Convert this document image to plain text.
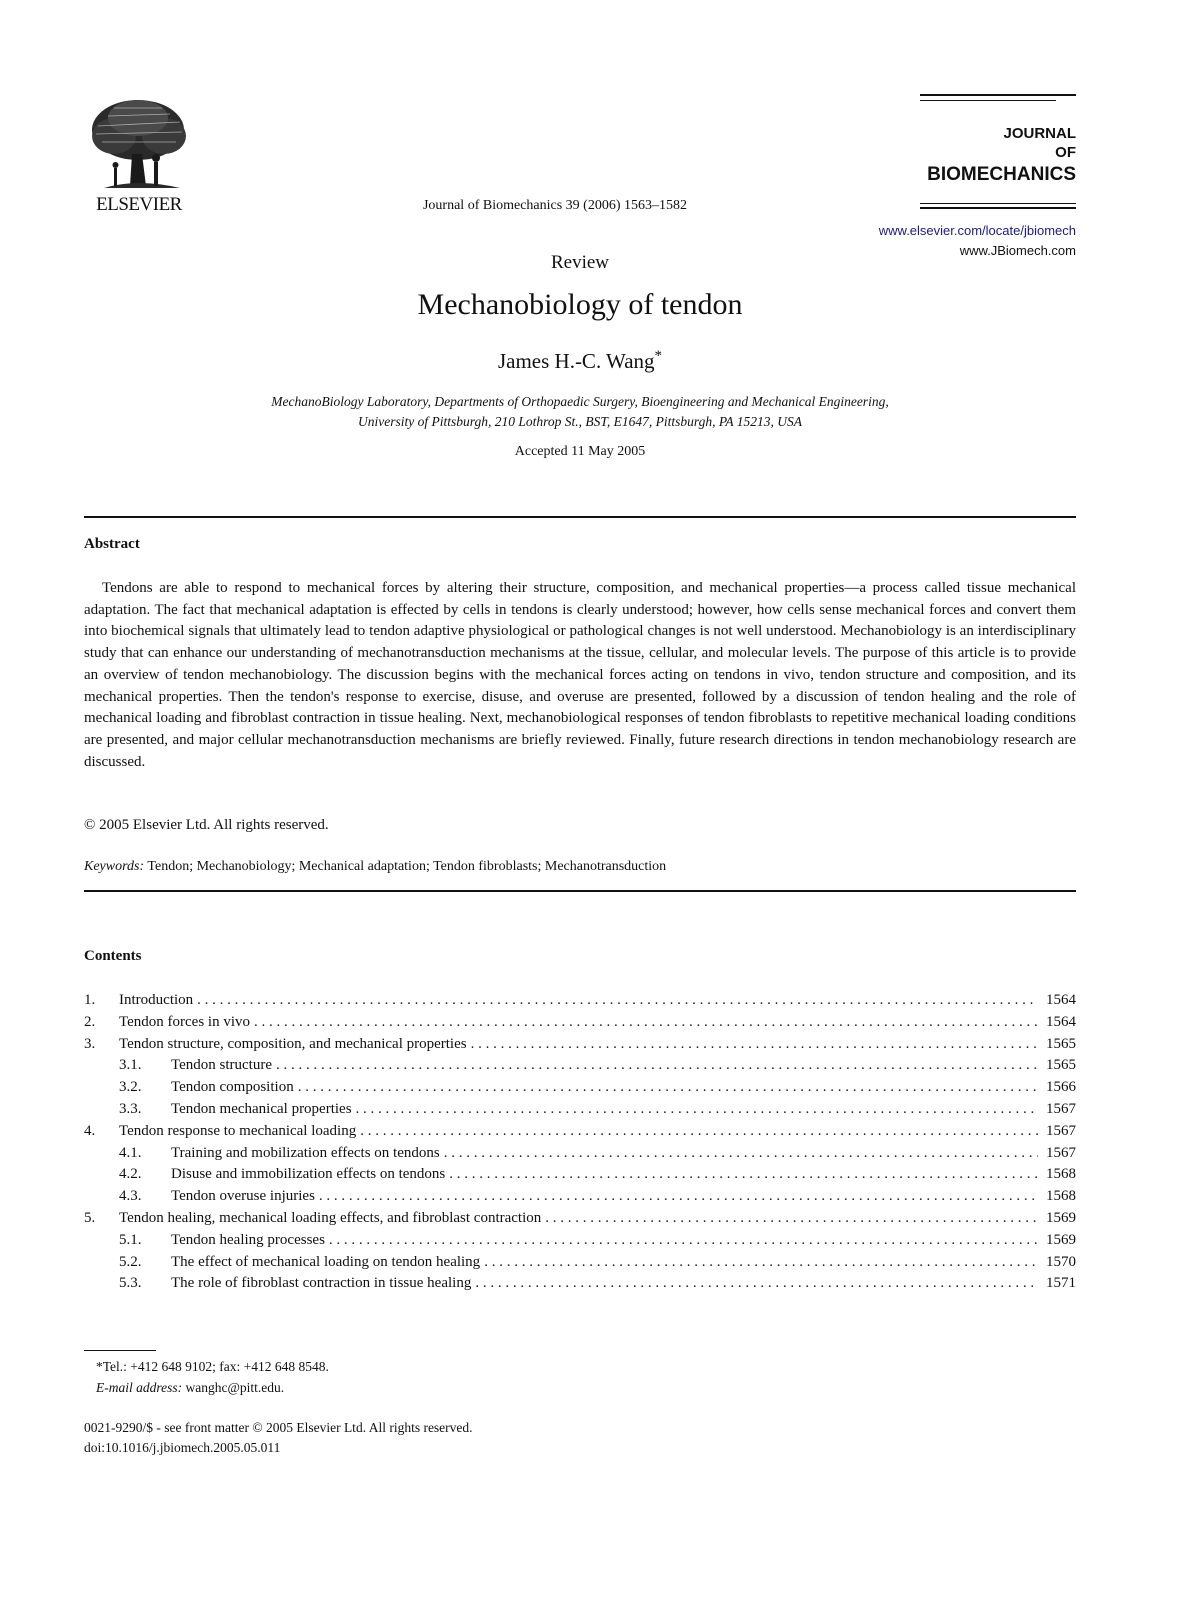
ELSEVIER	Journal of Biomechanics 39 (2006) 1563–1582
JOURNAL
OF
BIOMECHANICS
www.elsevier.com/locate/jbiomech
www.JBiomech.com
Review
Mechanobiology of tendon
James H.-C. Wang*
MechanoBiology Laboratory, Departments of Orthopaedic Surgery, Bioengineering and Mechanical Engineering,
University of Pittsburgh, 210 Lothrop St., BST, E1647, Pittsburgh, PA 15213, USA
Accepted 11 May 2005
Abstract
Tendons are able to respond to mechanical forces by altering their structure, composition, and mechanical properties—a process called tissue mechanical adaptation. The fact that mechanical adaptation is effected by cells in tendons is clearly understood; however, how cells sense mechanical forces and convert them into biochemical signals that ultimately lead to tendon adaptive physiological or pathological changes is not well understood. Mechanobiology is an interdisciplinary study that can enhance our understanding of mechanotransduction mechanisms at the tissue, cellular, and molecular levels. The purpose of this article is to provide an overview of tendon mechanobiology. The discussion begins with the mechanical forces acting on tendons in vivo, tendon structure and composition, and its mechanical properties. Then the tendon's response to exercise, disuse, and overuse are presented, followed by a discussion of tendon healing and the role of mechanical loading and fibroblast contraction in tissue healing. Next, mechanobiological responses of tendon fibroblasts to repetitive mechanical loading conditions are presented, and major cellular mechanotransduction mechanisms are briefly reviewed. Finally, future research directions in tendon mechanobiology research are discussed.
© 2005 Elsevier Ltd. All rights reserved.
Keywords: Tendon; Mechanobiology; Mechanical adaptation; Tendon fibroblasts; Mechanotransduction
Contents
1.	Introduction . . .	1564
2.	Tendon forces in vivo . . .	1564
3.	Tendon structure, composition, and mechanical properties . . .	1565
3.1.	Tendon structure . . .	1565
3.2.	Tendon composition . . .	1566
3.3.	Tendon mechanical properties . . .	1567
4.	Tendon response to mechanical loading . . .	1567
4.1.	Training and mobilization effects on tendons . . .	1567
4.2.	Disuse and immobilization effects on tendons . . .	1568
4.3.	Tendon overuse injuries . . .	1568
5.	Tendon healing, mechanical loading effects, and fibroblast contraction . . .	1569
5.1.	Tendon healing processes . . .	1569
5.2.	The effect of mechanical loading on tendon healing . . .	1570
5.3.	The role of fibroblast contraction in tissue healing . . .	1571
*Tel.: +412 648 9102; fax: +412 648 8548.
E-mail address: wanghc@pitt.edu.
0021-9290/$ - see front matter © 2005 Elsevier Ltd. All rights reserved.
doi:10.1016/j.jbiomech.2005.05.011
